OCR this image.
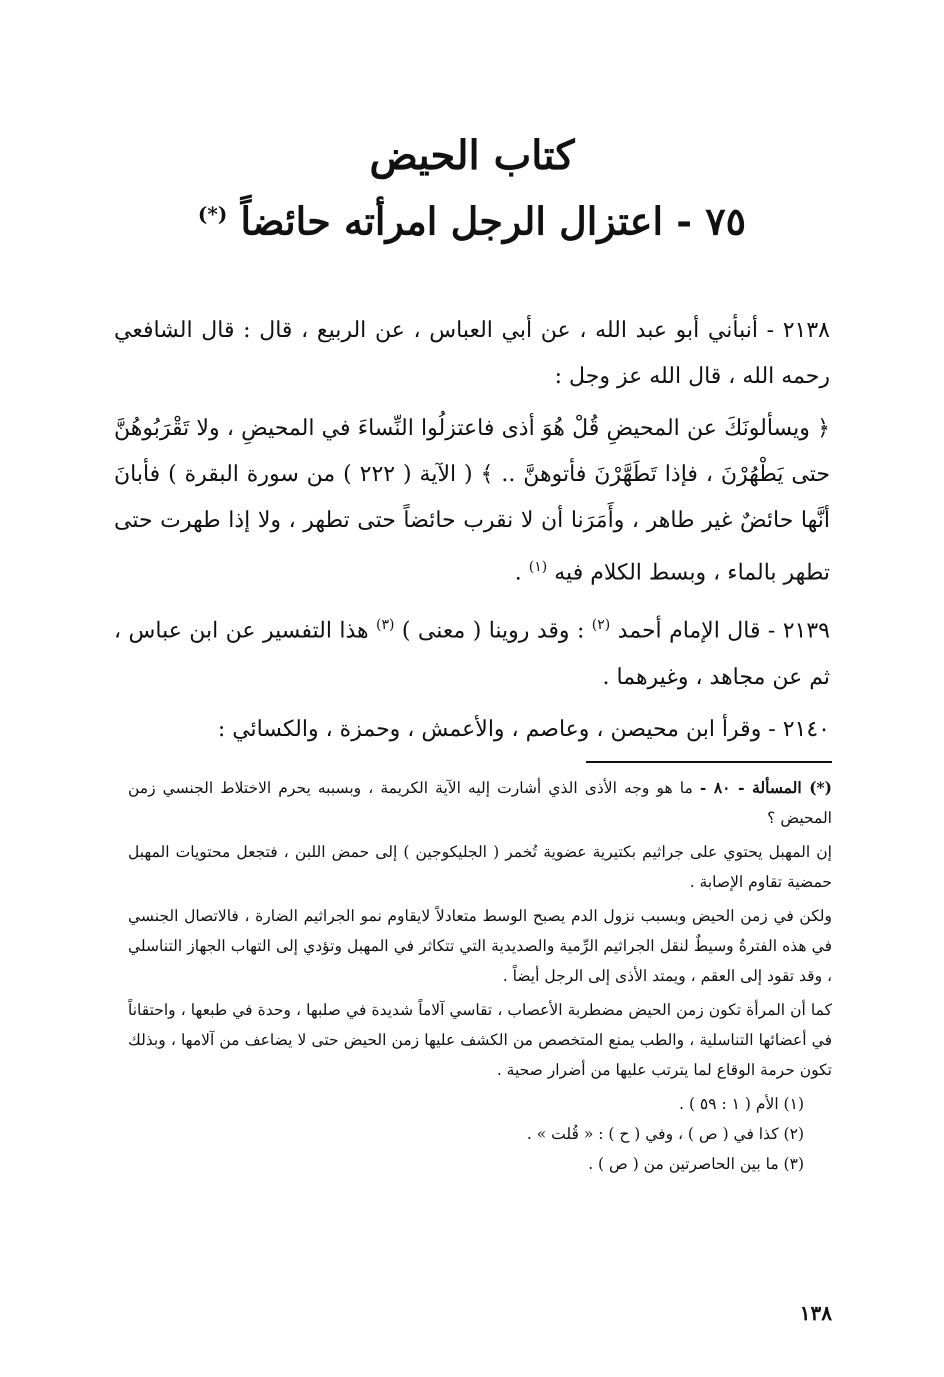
كتاب الحيض
٧٥ - اعتزال الرجل امرأته حائضاً (*)

٢١٣٨ - أنبأني أبو عبد الله ، عن أبي العباس ، عن الربيع ، قال : قال الشافعي رحمه الله ، قال الله عز وجل :

﴿ ويسألونَكَ عن المحيضِ قُلْ هُوَ أذى فاعتزلُوا النِّساءَ في المحيضِ ، ولا تَقْرَبُوهُنَّ حتى يَطْهُرْنَ ، فإذا تَطَهَّرْنَ فأتوهنَّ .. ﴾ ( الآية ( ٢٢٢ ) من سورة البقرة ) فأبانَ أنَّها حائضٌ غير طاهر ، وأَمَرَنا أن لا نقرب حائضاً حتى تطهر ، ولا إذا طهرت حتى تطهر بالماء ، وبسط الكلام فيه $^{(١)}$ .

٢١٣٩ - قال الإمام أحمد $^{(٢)}$ : وقد روينا ( معنى ) $^{(٣)}$ هذا التفسير عن ابن عباس ، ثم عن مجاهد ، وغيرهما .

٢١٤٠ - وقرأ ابن محيصن ، وعاصم ، والأعمش ، وحمزة ، والكسائي :

(*) المسألة - ٨٠ - ما هو وجه الأذى الذي أشارت إليه الآية الكريمة ، وبسببه يحرم الاختلاط الجنسي زمن المحيض ؟

إن المهبل يحتوي على جراثيم بكتيرية عضوية تُخمر ( الجليكوجين ) إلى حمض اللبن ، فتجعل محتويات المهبل حمضية تقاوم الإصابة .

ولكن في زمن الحيض وبسبب نزول الدم يصبح الوسط متعادلاً لايقاوم نمو الجراثيم الضارة ، فالاتصال الجنسي في هذه الفترةُ وسيطٌ لنقل الجراثيم الرِّمية والصديدية التي تتكاثر في المهبل وتؤدي إلى التهاب الجهاز التناسلي ، وقد تقود إلى العقم ، ويمتد الأذى إلى الرجل أيضاً .

كما أن المرأة تكون زمن الحيض مضطربة الأعصاب ، تقاسي آلاماً شديدة في صلبها ، وحدة في طبعها ، واحتقاناً في أعضائها التناسلية ، والطب يمنع المتخصص من الكشف عليها زمن الحيض حتى لا يضاعف من آلامها ، وبذلك تكون حرمة الوقاع لما يترتب عليها من أضرار صحية .

(١) الأم ( ١ : ٥٩ ) .

(٢) كذا في ( ص ) ، وفي ( ح ) : « قُلت » .

(٣) ما بين الحاصرتين من ( ص ) .

١٣٨
